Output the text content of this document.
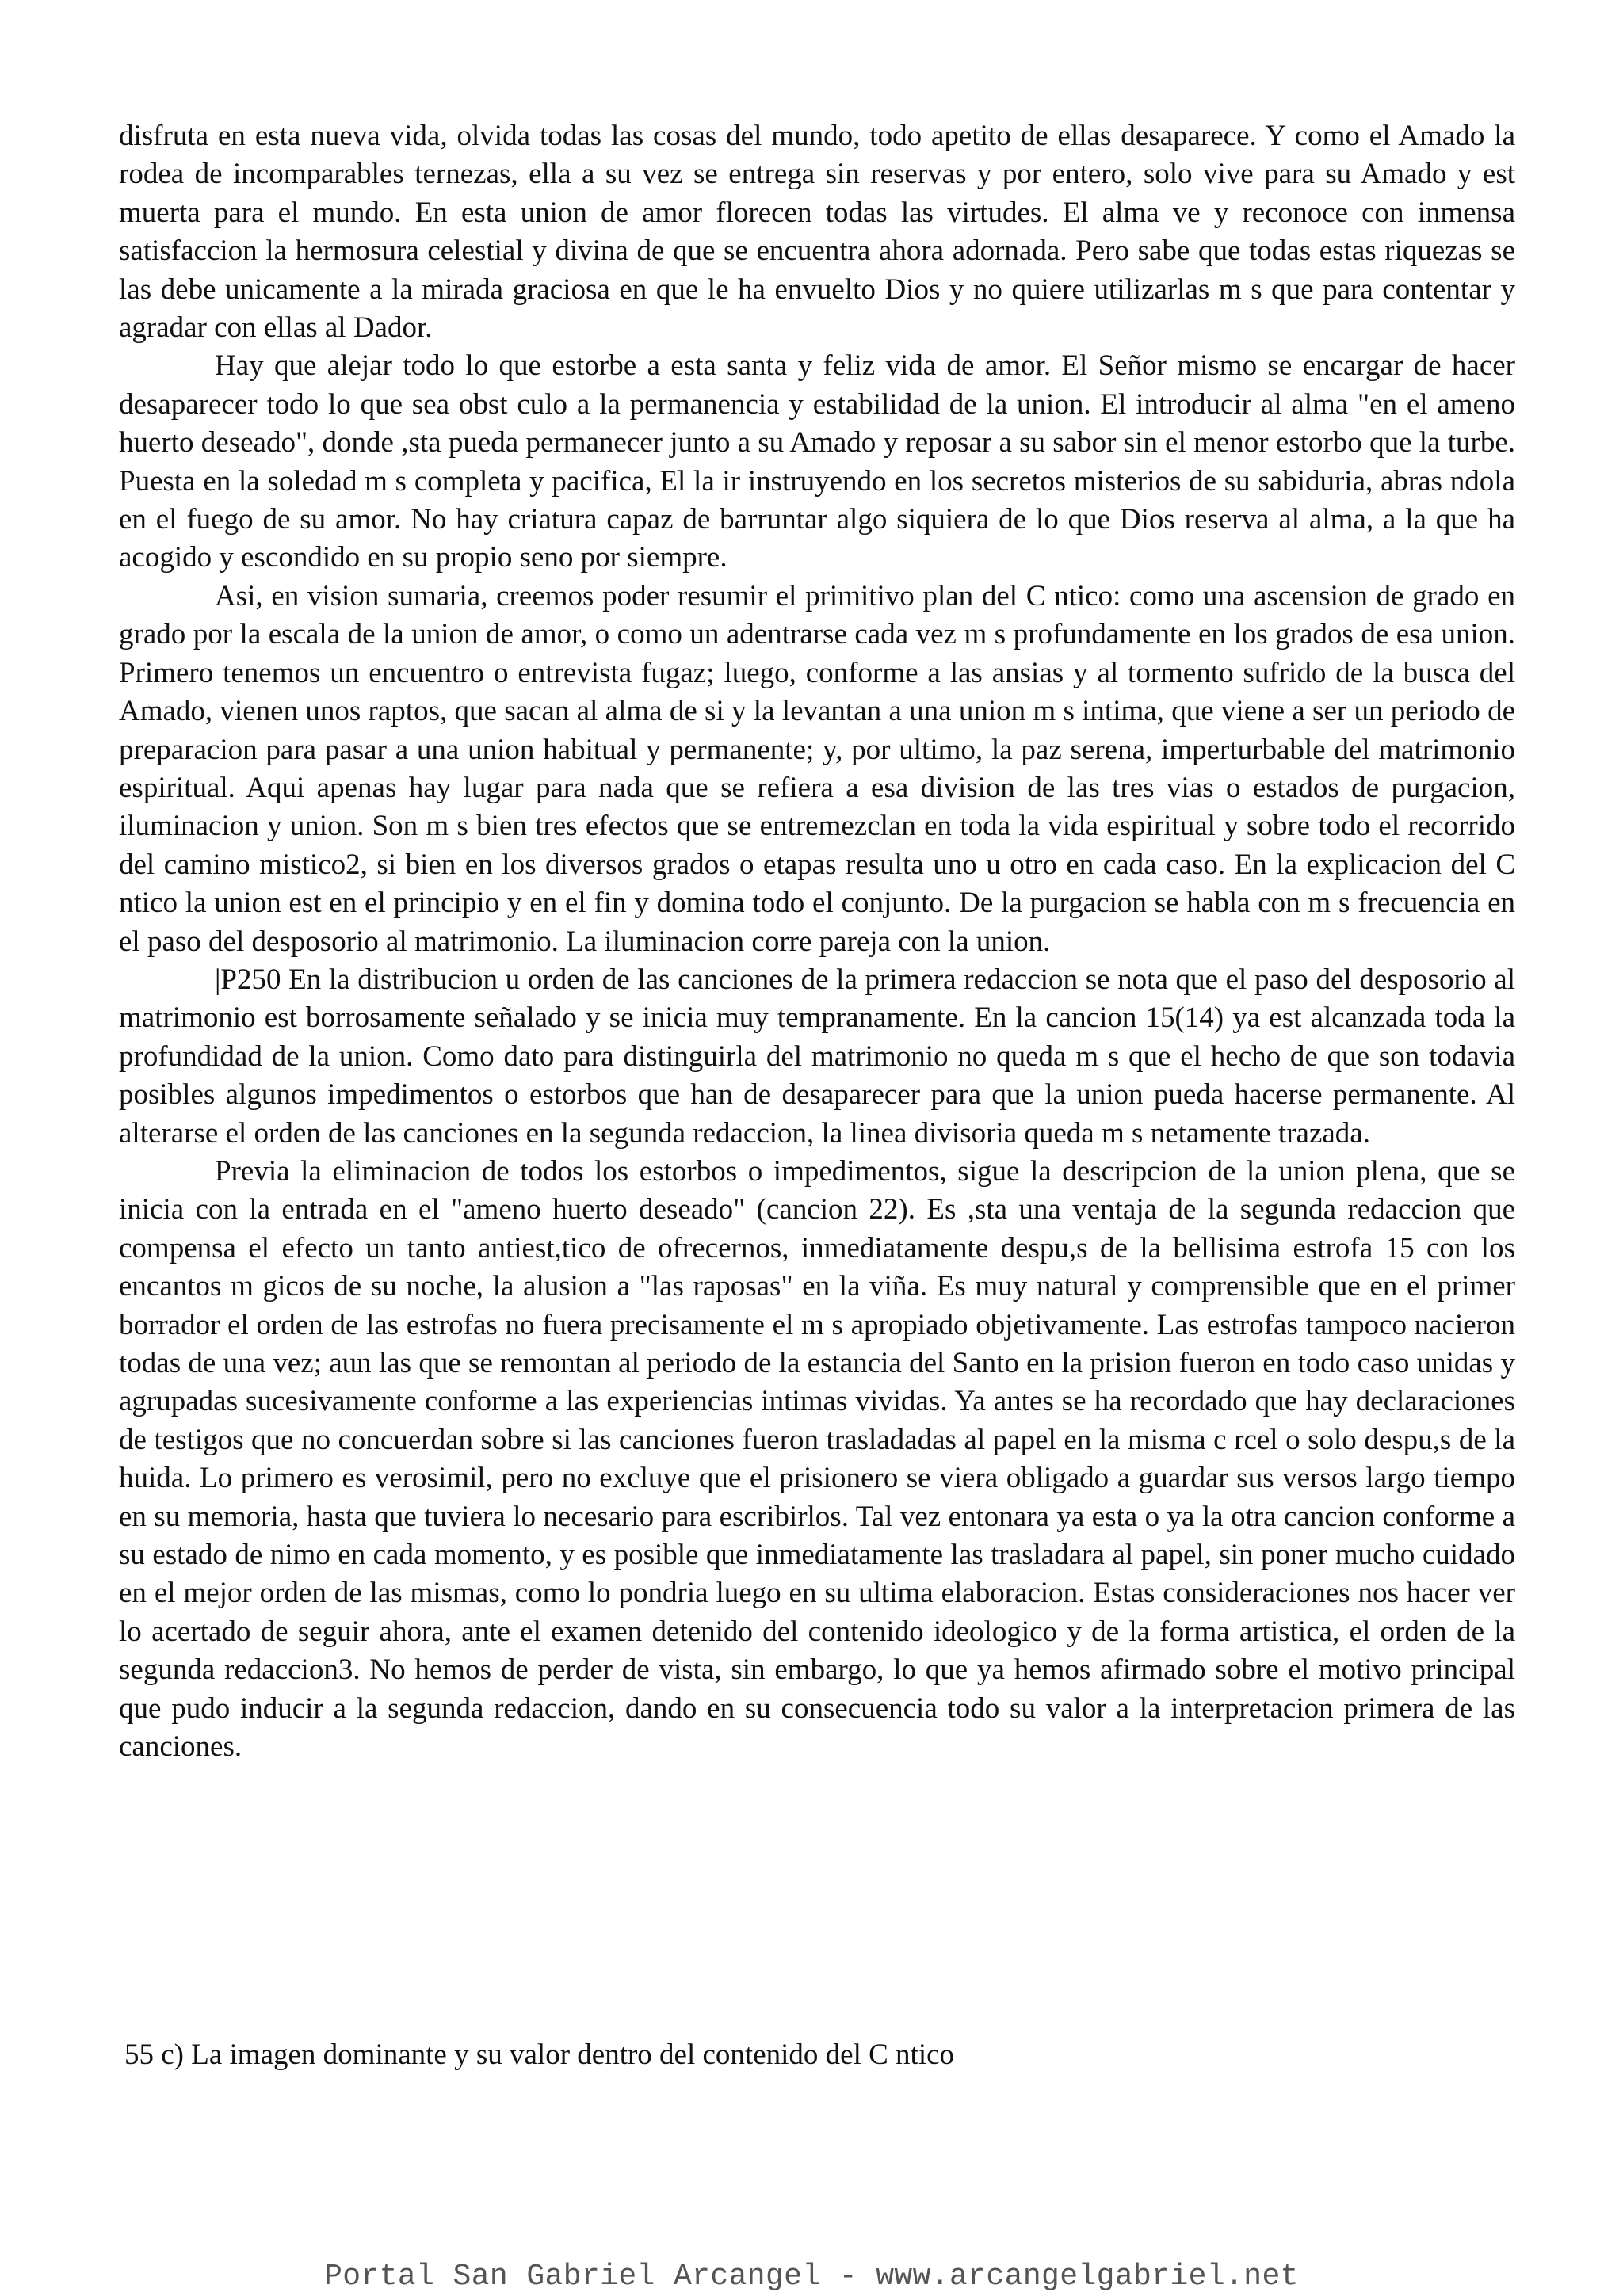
disfruta en esta nueva vida, olvida todas las cosas del mundo, todo apetito de ellas desaparece. Y como el Amado la rodea de incomparables ternezas, ella a su vez se entrega sin reservas y por entero, solo vive para su Amado y est muerta para el mundo. En esta union de amor florecen todas las virtudes. El alma ve y reconoce con inmensa satisfaccion la hermosura celestial y divina de que se encuentra ahora adornada. Pero sabe que todas estas riquezas se las debe unicamente a la mirada graciosa en que le ha envuelto Dios y no quiere utilizarlas m s que para contentar y agradar con ellas al Dador.

Hay que alejar todo lo que estorbe a esta santa y feliz vida de amor. El Señor mismo se encargar de hacer desaparecer todo lo que sea obst culo a la permanencia y estabilidad de la union. El introducir al alma "en el ameno huerto deseado", donde ,sta pueda permanecer junto a su Amado y reposar a su sabor sin el menor estorbo que la turbe. Puesta en la soledad m s completa y pacifica, El la ir instruyendo en los secretos misterios de su sabiduria, abras ndola en el fuego de su amor. No hay criatura capaz de barruntar algo siquiera de lo que Dios reserva al alma, a la que ha acogido y escondido en su propio seno por siempre.

Asi, en vision sumaria, creemos poder resumir el primitivo plan del C ntico: como una ascension de grado en grado por la escala de la union de amor, o como un adentrarse cada vez m s profundamente en los grados de esa union. Primero tenemos un encuentro o entrevista fugaz; luego, conforme a las ansias y al tormento sufrido de la busca del Amado, vienen unos raptos, que sacan al alma de si y la levantan a una union m s intima, que viene a ser un periodo de preparacion para pasar a una union habitual y permanente; y, por ultimo, la paz serena, imperturbable del matrimonio espiritual. Aqui apenas hay lugar para nada que se refiera a esa division de las tres vias o estados de purgacion, iluminacion y union. Son m s bien tres efectos que se entremezclan en toda la vida espiritual y sobre todo el recorrido del camino mistico2, si bien en los diversos grados o etapas resulta uno u otro en cada caso. En la explicacion del C ntico la union est en el principio y en el fin y domina todo el conjunto. De la purgacion se habla con m s frecuencia en el paso del desposorio al matrimonio. La iluminacion corre pareja con la union.

|P250 En la distribucion u orden de las canciones de la primera redaccion se nota que el paso del desposorio al matrimonio est borrosamente señalado y se inicia muy tempranamente. En la cancion 15(14) ya est alcanzada toda la profundidad de la union. Como dato para distinguirla del matrimonio no queda m s que el hecho de que son todavia posibles algunos impedimentos o estorbos que han de desaparecer para que la union pueda hacerse permanente. Al alterarse el orden de las canciones en la segunda redaccion, la linea divisoria queda m s netamente trazada.

Previa la eliminacion de todos los estorbos o impedimentos, sigue la descripcion de la union plena, que se inicia con la entrada en el "ameno huerto deseado" (cancion 22). Es ,sta una ventaja de la segunda redaccion que compensa el efecto un tanto antiest,tico de ofrecernos, inmediatamente despu,s de la bellisima estrofa 15 con los encantos m gicos de su noche, la alusion a "las raposas" en la viña. Es muy natural y comprensible que en el primer borrador el orden de las estrofas no fuera precisamente el m s apropiado objetivamente. Las estrofas tampoco nacieron todas de una vez; aun las que se remontan al periodo de la estancia del Santo en la prision fueron en todo caso unidas y agrupadas sucesivamente conforme a las experiencias intimas vividas. Ya antes se ha recordado que hay declaraciones de testigos que no concuerdan sobre si las canciones fueron trasladadas al papel en la misma c rcel o solo despu,s de la huida. Lo primero es verosimil, pero no excluye que el prisionero se viera obligado a guardar sus versos largo tiempo en su memoria, hasta que tuviera lo necesario para escribirlos. Tal vez entonara ya esta o ya la otra cancion conforme a su estado de nimo en cada momento, y es posible que inmediatamente las trasladara al papel, sin poner mucho cuidado en el mejor orden de las mismas, como lo pondria luego en su ultima elaboracion. Estas consideraciones nos hacer ver lo acertado de seguir ahora, ante el examen detenido del contenido ideologico y de la forma artistica, el orden de la segunda redaccion3. No hemos de perder de vista, sin embargo, lo que ya hemos afirmado sobre el motivo principal que pudo inducir a la segunda redaccion, dando en su consecuencia todo su valor a la interpretacion primera de las canciones.

55 c) La imagen dominante y su valor dentro del contenido del C ntico
Portal San Gabriel Arcangel - www.arcangelgabriel.net
